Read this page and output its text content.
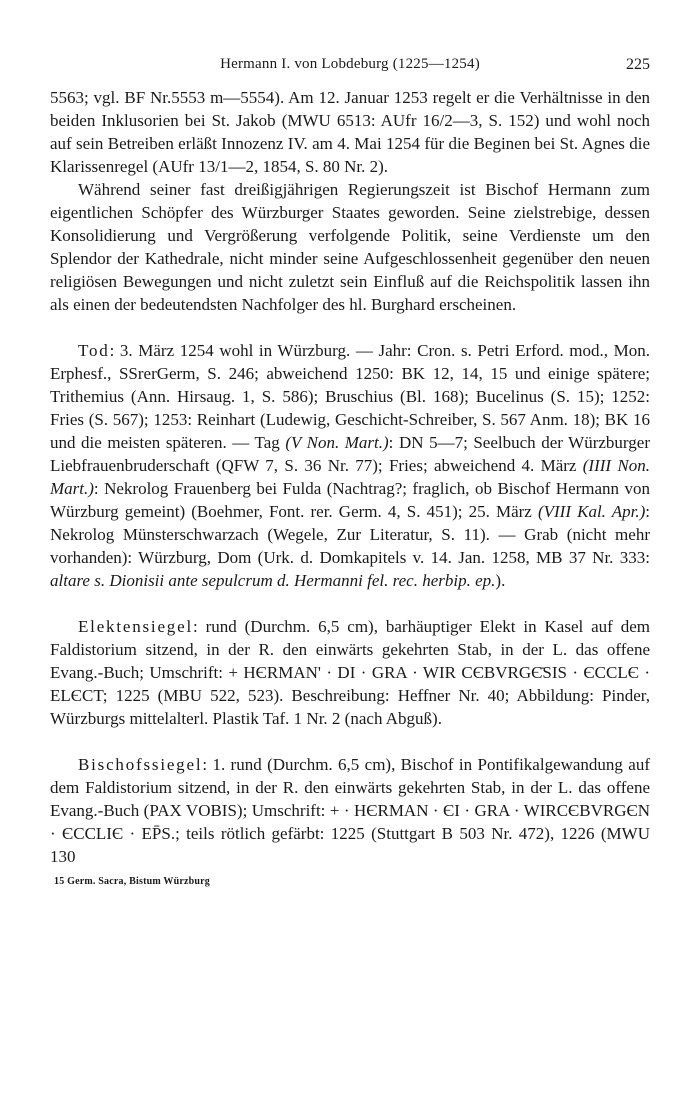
Hermann I. von Lobdeburg (1225—1254)	225

5563; vgl. BF Nr.5553 m—5554). Am 12. Januar 1253 regelt er die Verhältnisse in den beiden Inklusorien bei St. Jakob (MWU 6513: AUfr 16/2—3, S. 152) und wohl noch auf sein Betreiben erläßt Innozenz IV. am 4. Mai 1254 für die Beginen bei St. Agnes die Klarissenregel (AUfr 13/1—2, 1854, S. 80 Nr. 2).

Während seiner fast dreißigjährigen Regierungszeit ist Bischof Hermann zum eigentlichen Schöpfer des Würzburger Staates geworden. Seine zielstrebige, dessen Konsolidierung und Vergrößerung verfolgende Politik, seine Verdienste um den Splendor der Kathedrale, nicht minder seine Aufgeschlossenheit gegenüber den neuen religiösen Bewegungen und nicht zuletzt sein Einfluß auf die Reichspolitik lassen ihn als einen der bedeutendsten Nachfolger des hl. Burghard erscheinen.

Tod: 3. März 1254 wohl in Würzburg. — Jahr: Cron. s. Petri Erford. mod., Mon. Erphesf., SSrerGerm, S. 246; abweichend 1250: BK 12, 14, 15 und einige spätere; Trithemius (Ann. Hirsaug. 1, S. 586); Bruschius (Bl. 168); Bucelinus (S. 15); 1252: Fries (S. 567); 1253: Reinhart (Ludewig, Geschicht-Schreiber, S. 567 Anm. 18); BK 16 und die meisten späteren. — Tag (V Non. Mart.): DN 5—7; Seelbuch der Würzburger Liebfrauenbruderschaft (QFW 7, S. 36 Nr. 77); Fries; abweichend 4. März (IIII Non. Mart.): Nekrolog Frauenberg bei Fulda (Nachtrag?; fraglich, ob Bischof Hermann von Würzburg gemeint) (Boehmer, Font. rer. Germ. 4, S. 451); 25. März (VIII Kal. Apr.): Nekrolog Münsterschwarzach (Wegele, Zur Literatur, S. 11). — Grab (nicht mehr vorhanden): Würzburg, Dom (Urk. d. Domkapitels v. 14. Jan. 1258, MB 37 Nr. 333: altare s. Dionisii ante sepulcrum d. Hermanni fel. rec. herbip. ep.).

Elektensiegel: rund (Durchm. 6,5 cm), barhäuptiger Elekt in Kasel auf dem Faldistorium sitzend, in der R. den einwärts gekehrten Stab, in der L. das offene Evang.-Buch; Umschrift: + HЄRMAN' · DI · GRA · WIR CЄBVRGЄ̄SIS · ЄCCLЄ · ELЄCT; 1225 (MBU 522, 523). Beschreibung: Heffner Nr. 40; Abbildung: Pinder, Würzburgs mittelalterl. Plastik Taf. 1 Nr. 2 (nach Abguß).

Bischofssiegel: 1. rund (Durchm. 6,5 cm), Bischof in Pontifikalgewandung auf dem Faldistorium sitzend, in der R. den einwärts gekehrten Stab, in der L. das offene Evang.-Buch (PAX VOBIS); Umschrift: + · HЄRMAN · ЄI · GRA · WIRCЄBVRGЄN · ЄCCLIЄ · EP̄S.; teils rötlich gefärbt: 1225 (Stuttgart B 503 Nr. 472), 1226 (MWU 130

15 Germ. Sacra, Bistum Würzburg
